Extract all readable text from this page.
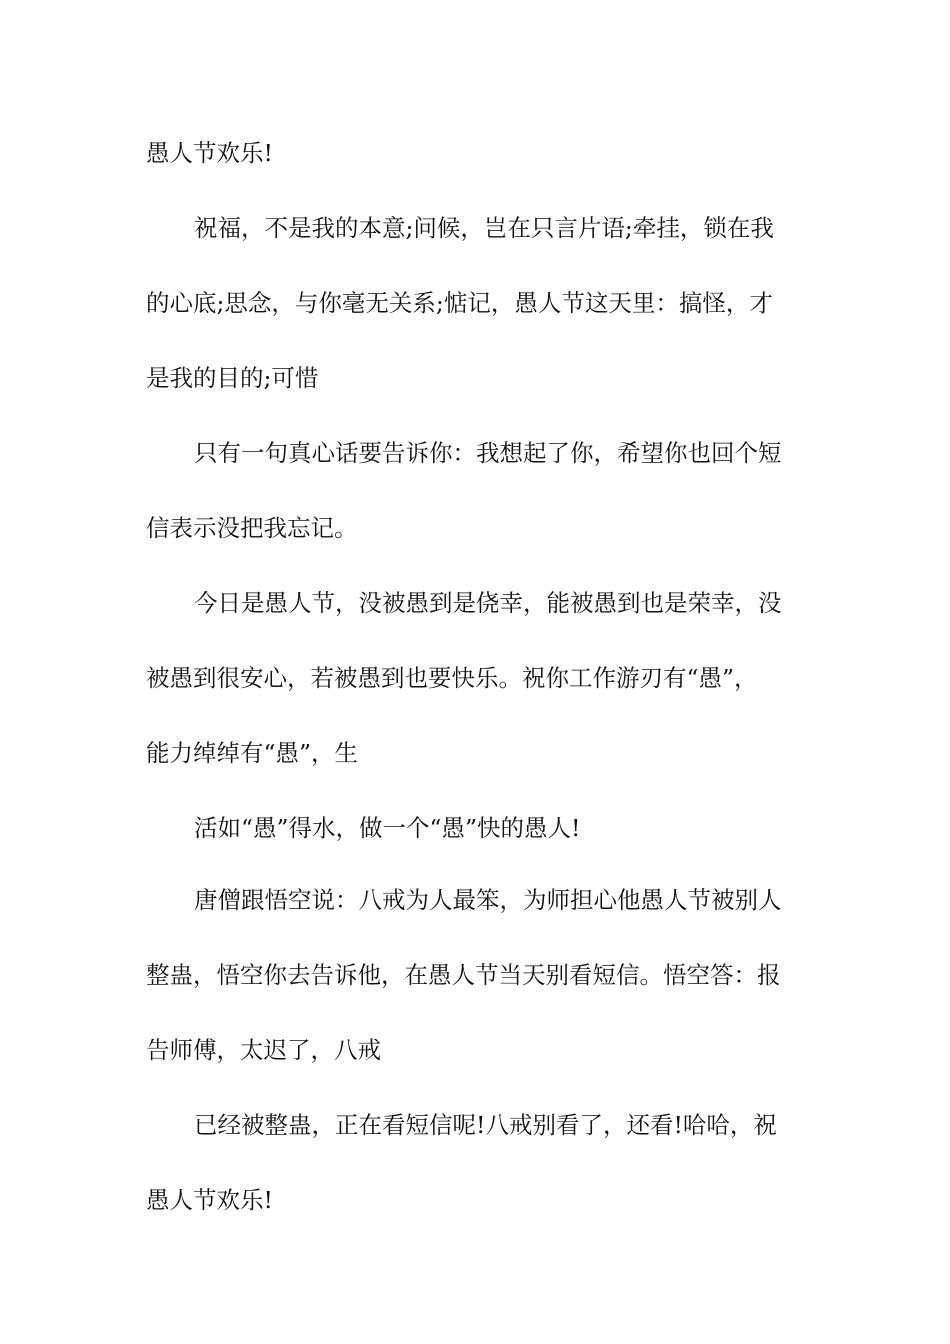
愚人节欢乐!

祝福，不是我的本意;问候，岂在只言片语;牵挂，锁在我

的心底;思念，与你毫无关系;惦记，愚人节这天里：搞怪，才

是我的目的;可惜

只有一句真心话要告诉你：我想起了你，希望你也回个短

信表示没把我忘记。

今日是愚人节，没被愚到是侥幸，能被愚到也是荣幸，没

被愚到很安心，若被愚到也要快乐。祝你工作游刃有“愚”，

能力绰绰有“愚”，生

活如“愚”得水，做一个“愚”快的愚人!

唐僧跟悟空说：八戒为人最笨，为师担心他愚人节被别人

整蛊，悟空你去告诉他，在愚人节当天别看短信。悟空答：报

告师傅，太迟了，八戒

已经被整蛊，正在看短信呢!八戒别看了，还看!哈哈，祝

愚人节欢乐!
